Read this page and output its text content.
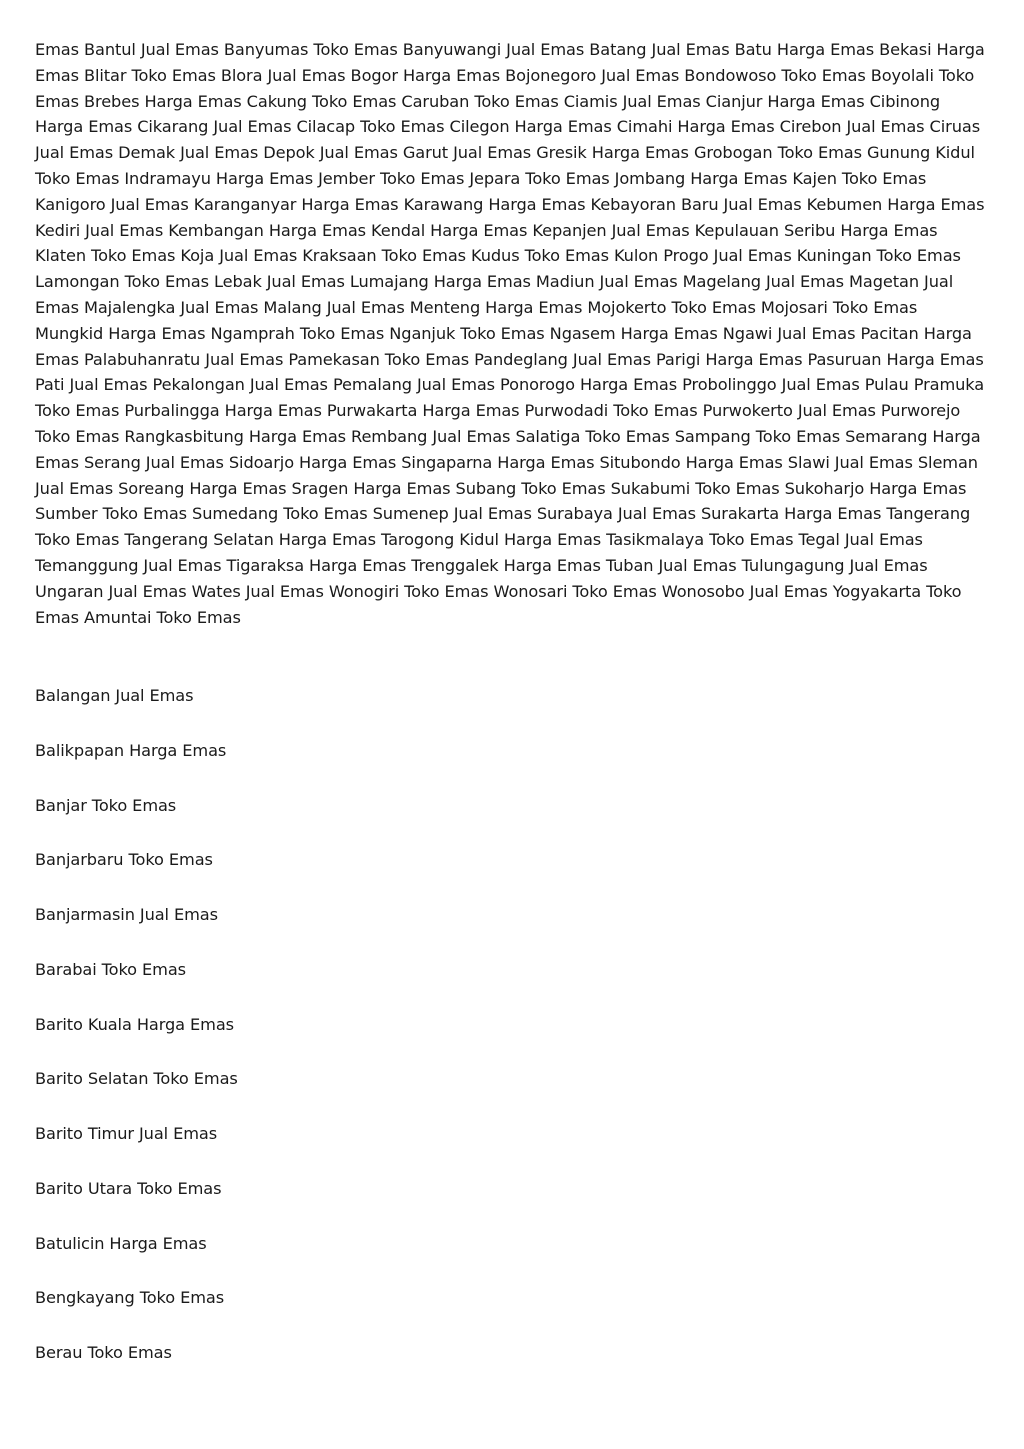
Emas Bantul Jual Emas Banyumas Toko Emas Banyuwangi Jual Emas Batang Jual Emas Batu Harga Emas Bekasi Harga Emas Blitar Toko Emas Blora Jual Emas Bogor Harga Emas Bojonegoro Jual Emas Bondowoso Toko Emas Boyolali Toko Emas Brebes Harga Emas Cakung Toko Emas Caruban Toko Emas Ciamis Jual Emas Cianjur Harga Emas Cibinong Harga Emas Cikarang Jual Emas Cilacap Toko Emas Cilegon Harga Emas Cimahi Harga Emas Cirebon Jual Emas Ciruas Jual Emas Demak Jual Emas Depok Jual Emas Garut Jual Emas Gresik Harga Emas Grobogan Toko Emas Gunung Kidul Toko Emas Indramayu Harga Emas Jember Toko Emas Jepara Toko Emas Jombang Harga Emas Kajen Toko Emas Kanigoro Jual Emas Karanganyar Harga Emas Karawang Harga Emas Kebayoran Baru Jual Emas Kebumen Harga Emas Kediri Jual Emas Kembangan Harga Emas Kendal Harga Emas Kepanjen Jual Emas Kepulauan Seribu Harga Emas Klaten Toko Emas Koja Jual Emas Kraksaan Toko Emas Kudus Toko Emas Kulon Progo Jual Emas Kuningan Toko Emas Lamongan Toko Emas Lebak Jual Emas Lumajang Harga Emas Madiun Jual Emas Magelang Jual Emas Magetan Jual Emas Majalengka Jual Emas Malang Jual Emas Menteng Harga Emas Mojokerto Toko Emas Mojosari Toko Emas Mungkid Harga Emas Ngamprah Toko Emas Nganjuk Toko Emas Ngasem Harga Emas Ngawi Jual Emas Pacitan Harga Emas Palabuhanratu Jual Emas Pamekasan Toko Emas Pandeglang Jual Emas Parigi Harga Emas Pasuruan Harga Emas Pati Jual Emas Pekalongan Jual Emas Pemalang Jual Emas Ponorogo Harga Emas Probolinggo Jual Emas Pulau Pramuka Toko Emas Purbalingga Harga Emas Purwakarta Harga Emas Purwodadi Toko Emas Purwokerto Jual Emas Purworejo Toko Emas Rangkasbitung Harga Emas Rembang Jual Emas Salatiga Toko Emas Sampang Toko Emas Semarang Harga Emas Serang Jual Emas Sidoarjo Harga Emas Singaparna Harga Emas Situbondo Harga Emas Slawi Jual Emas Sleman Jual Emas Soreang Harga Emas Sragen Harga Emas Subang Toko Emas Sukabumi Toko Emas Sukoharjo Harga Emas Sumber Toko Emas Sumedang Toko Emas Sumenep Jual Emas Surabaya Jual Emas Surakarta Harga Emas Tangerang Toko Emas Tangerang Selatan Harga Emas Tarogong Kidul Harga Emas Tasikmalaya Toko Emas Tegal Jual Emas Temanggung Jual Emas Tigaraksa Harga Emas Trenggalek Harga Emas Tuban Jual Emas Tulungagung Jual Emas Ungaran Jual Emas Wates Jual Emas Wonogiri Toko Emas Wonosari Toko Emas Wonosobo Jual Emas Yogyakarta Toko Emas Amuntai Toko Emas

Balangan Jual Emas
Balikpapan Harga Emas
Banjar Toko Emas
Banjarbaru Toko Emas
Banjarmasin Jual Emas
Barabai Toko Emas
Barito Kuala Harga Emas
Barito Selatan Toko Emas
Barito Timur Jual Emas
Barito Utara Toko Emas
Batulicin Harga Emas
Bengkayang Toko Emas
Berau Toko Emas
